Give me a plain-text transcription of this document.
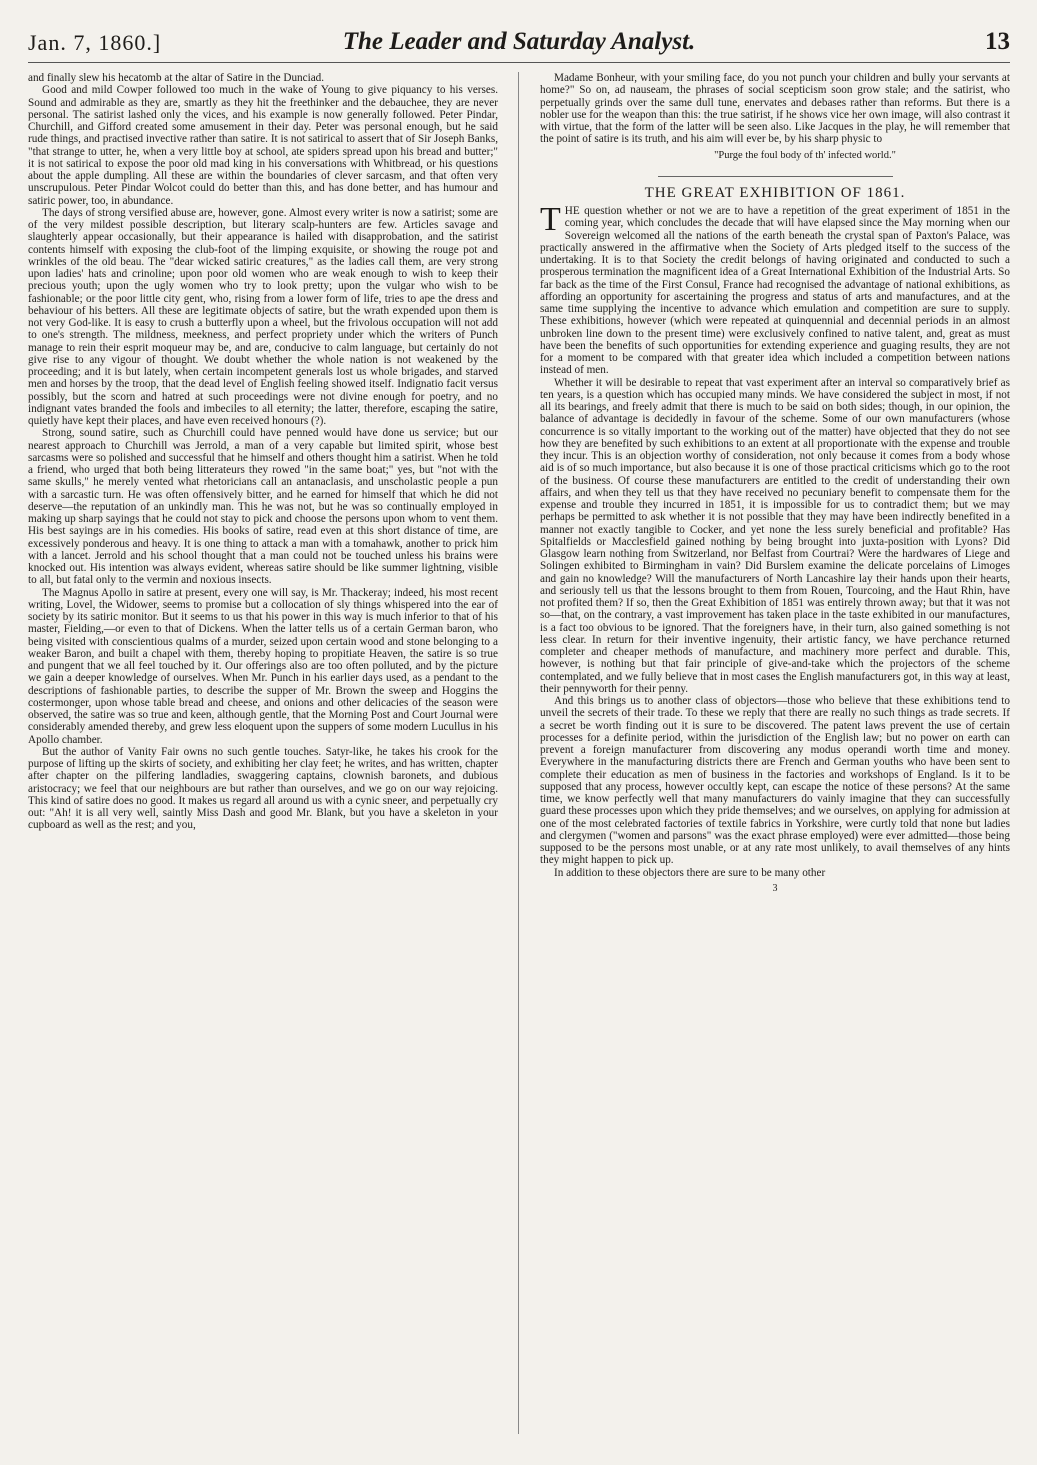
Jan. 7, 1860.]	The Leader and Saturday Analyst.	13

and finally slew his hecatomb at the altar of Satire in the Dunciad.

Good and mild Cowper followed too much in the wake of Young to give piquancy to his verses. Sound and admirable as they are, smartly as they hit the freethinker and the debauchee, they are never personal. The satirist lashed only the vices, and his example is now generally followed. Peter Pindar, Churchill, and Gifford created some amusement in their day. Peter was personal enough, but he said rude things, and practised invective rather than satire. It is not satirical to assert that of Sir Joseph Banks, "that strange to utter, he, when a very little boy at school, ate spiders spread upon his bread and butter;" it is not satirical to expose the poor old mad king in his conversations with Whitbread, or his questions about the apple dumpling. All these are within the boundaries of clever sarcasm, and that often very unscrupulous. Peter Pindar Wolcot could do better than this, and has done better, and has humour and satiric power, too, in abundance.

The days of strong versified abuse are, however, gone. Almost every writer is now a satirist; some are of the very mildest possible description, but literary scalp-hunters are few. Articles savage and slaughterly appear occasionally, but their appearance is hailed with disapprobation, and the satirist contents himself with exposing the club-foot of the limping exquisite, or showing the rouge pot and wrinkles of the old beau. The "dear wicked satiric creatures," as the ladies call them, are very strong upon ladies' hats and crinoline; upon poor old women who are weak enough to wish to keep their precious youth; upon the ugly women who try to look pretty; upon the vulgar who wish to be fashionable; or the poor little city gent, who, rising from a lower form of life, tries to ape the dress and behaviour of his betters. All these are legitimate objects of satire, but the wrath expended upon them is not very God-like. It is easy to crush a butterfly upon a wheel, but the frivolous occupation will not add to one's strength. The mildness, meekness, and perfect propriety under which the writers of Punch manage to rein their esprit moqueur may be, and are, conducive to calm language, but certainly do not give rise to any vigour of thought. We doubt whether the whole nation is not weakened by the proceeding; and it is but lately, when certain incompetent generals lost us whole brigades, and starved men and horses by the troop, that the dead level of English feeling showed itself. Indignatio facit versus possibly, but the scorn and hatred at such proceedings were not divine enough for poetry, and no indignant vates branded the fools and imbeciles to all eternity; the latter, therefore, escaping the satire, quietly have kept their places, and have even received honours (?).

Strong, sound satire, such as Churchill could have penned would have done us service; but our nearest approach to Churchill was Jerrold, a man of a very capable but limited spirit, whose best sarcasms were so polished and successful that he himself and others thought him a satirist. When he told a friend, who urged that both being litterateurs they rowed "in the same boat;" yes, but "not with the same skulls," he merely vented what rhetoricians call an antanaclasis, and unscholastic people a pun with a sarcastic turn. He was often offensively bitter, and he earned for himself that which he did not deserve—the reputation of an unkindly man. This he was not, but he was so continually employed in making up sharp sayings that he could not stay to pick and choose the persons upon whom to vent them. His best sayings are in his comedies. His books of satire, read even at this short distance of time, are excessively ponderous and heavy. It is one thing to attack a man with a tomahawk, another to prick him with a lancet. Jerrold and his school thought that a man could not be touched unless his brains were knocked out. His intention was always evident, whereas satire should be like summer lightning, visible to all, but fatal only to the vermin and noxious insects.

The Magnus Apollo in satire at present, every one will say, is Mr. Thackeray; indeed, his most recent writing, Lovel, the Widower, seems to promise but a collocation of sly things whispered into the ear of society by its satiric monitor. But it seems to us that his power in this way is much inferior to that of his master, Fielding,—or even to that of Dickens. When the latter tells us of a certain German baron, who being visited with conscientious qualms of a murder, seized upon certain wood and stone belonging to a weaker Baron, and built a chapel with them, thereby hoping to propitiate Heaven, the satire is so true and pungent that we all feel touched by it. Our offerings also are too often polluted, and by the picture we gain a deeper knowledge of ourselves. When Mr. Punch in his earlier days used, as a pendant to the descriptions of fashionable parties, to describe the supper of Mr. Brown the sweep and Hoggins the costermonger, upon whose table bread and cheese, and onions and other delicacies of the season were observed, the satire was so true and keen, although gentle, that the Morning Post and Court Journal were considerably amended thereby, and grew less eloquent upon the suppers of some modern Lucullus in his Apollo chamber.

But the author of Vanity Fair owns no such gentle touches. Satyr-like, he takes his crook for the purpose of lifting up the skirts of society, and exhibiting her clay feet; he writes, and has written, chapter after chapter on the pilfering landladies, swaggering captains, clownish baronets, and dubious aristocracy; we feel that our neighbours are but rather than ourselves, and we go on our way rejoicing. This kind of satire does no good. It makes us regard all around us with a cynic sneer, and perpetually cry out: "Ah! it is all very well, saintly Miss Dash and good Mr. Blank, but you have a skeleton in your cupboard as well as the rest; and you,

Madame Bonheur, with your smiling face, do you not punch your children and bully your servants at home?" So on, ad nauseam, the phrases of social scepticism soon grow stale; and the satirist, who perpetually grinds over the same dull tune, enervates and debases rather than reforms. But there is a nobler use for the weapon than this: the true satirist, if he shows vice her own image, will also contrast it with virtue, that the form of the latter will be seen also. Like Jacques in the play, he will remember that the point of satire is its truth, and his aim will ever be, by his sharp physic to

"Purge the foul body of th' infected world."
THE GREAT EXHIBITION OF 1861.

THE question whether or not we are to have a repetition of the great experiment of 1851 in the coming year, which concludes the decade that will have elapsed since the May morning when our Sovereign welcomed all the nations of the earth beneath the crystal span of Paxton's Palace, was practically answered in the affirmative when the Society of Arts pledged itself to the success of the undertaking. It is to that Society the credit belongs of having originated and conducted to such a prosperous termination the magnificent idea of a Great International Exhibition of the Industrial Arts. So far back as the time of the First Consul, France had recognised the advantage of national exhibitions, as affording an opportunity for ascertaining the progress and status of arts and manufactures, and at the same time supplying the incentive to advance which emulation and competition are sure to supply. These exhibitions, however (which were repeated at quinquennial and decennial periods in an almost unbroken line down to the present time) were exclusively confined to native talent, and, great as must have been the benefits of such opportunities for extending experience and guaging results, they are not for a moment to be compared with that greater idea which included a competition between nations instead of men.

Whether it will be desirable to repeat that vast experiment after an interval so comparatively brief as ten years, is a question which has occupied many minds. We have considered the subject in most, if not all its bearings, and freely admit that there is much to be said on both sides; though, in our opinion, the balance of advantage is decidedly in favour of the scheme. Some of our own manufacturers (whose concurrence is so vitally important to the working out of the matter) have objected that they do not see how they are benefited by such exhibitions to an extent at all proportionate with the expense and trouble they incur. This is an objection worthy of consideration, not only because it comes from a body whose aid is of so much importance, but also because it is one of those practical criticisms which go to the root of the business. Of course these manufacturers are entitled to the credit of understanding their own affairs, and when they tell us that they have received no pecuniary benefit to compensate them for the expense and trouble they incurred in 1851, it is impossible for us to contradict them; but we may perhaps be permitted to ask whether it is not possible that they may have been indirectly benefited in a manner not exactly tangible to Cocker, and yet none the less surely beneficial and profitable? Has Spitalfields or Macclesfield gained nothing by being brought into juxta-position with Lyons? Did Glasgow learn nothing from Switzerland, nor Belfast from Courtrai? Were the hardwares of Liege and Solingen exhibited to Birmingham in vain? Did Burslem examine the delicate porcelains of Limoges and gain no knowledge? Will the manufacturers of North Lancashire lay their hands upon their hearts, and seriously tell us that the lessons brought to them from Rouen, Tourcoing, and the Haut Rhin, have not profited them? If so, then the Great Exhibition of 1851 was entirely thrown away; but that it was not so—that, on the contrary, a vast improvement has taken place in the taste exhibited in our manufactures, is a fact too obvious to be ignored. That the foreigners have, in their turn, also gained something is not less clear. In return for their inventive ingenuity, their artistic fancy, we have perchance returned completer and cheaper methods of manufacture, and machinery more perfect and durable. This, however, is nothing but that fair principle of give-and-take which the projectors of the scheme contemplated, and we fully believe that in most cases the English manufacturers got, in this way at least, their pennyworth for their penny.

And this brings us to another class of objectors—those who believe that these exhibitions tend to unveil the secrets of their trade. To these we reply that there are really no such things as trade secrets. If a secret be worth finding out it is sure to be discovered. The patent laws prevent the use of certain processes for a definite period, within the jurisdiction of the English law; but no power on earth can prevent a foreign manufacturer from discovering any modus operandi worth time and money. Everywhere in the manufacturing districts there are French and German youths who have been sent to complete their education as men of business in the factories and workshops of England. Is it to be supposed that any process, however occultly kept, can escape the notice of these persons? At the same time, we know perfectly well that many manufacturers do vainly imagine that they can successfully guard these processes upon which they pride themselves; and we ourselves, on applying for admission at one of the most celebrated factories of textile fabrics in Yorkshire, were curtly told that none but ladies and clergymen ("women and parsons" was the exact phrase employed) were ever admitted—those being supposed to be the persons most unable, or at any rate most unlikely, to avail themselves of any hints they might happen to pick up.

In addition to these objectors there are sure to be many other

3
